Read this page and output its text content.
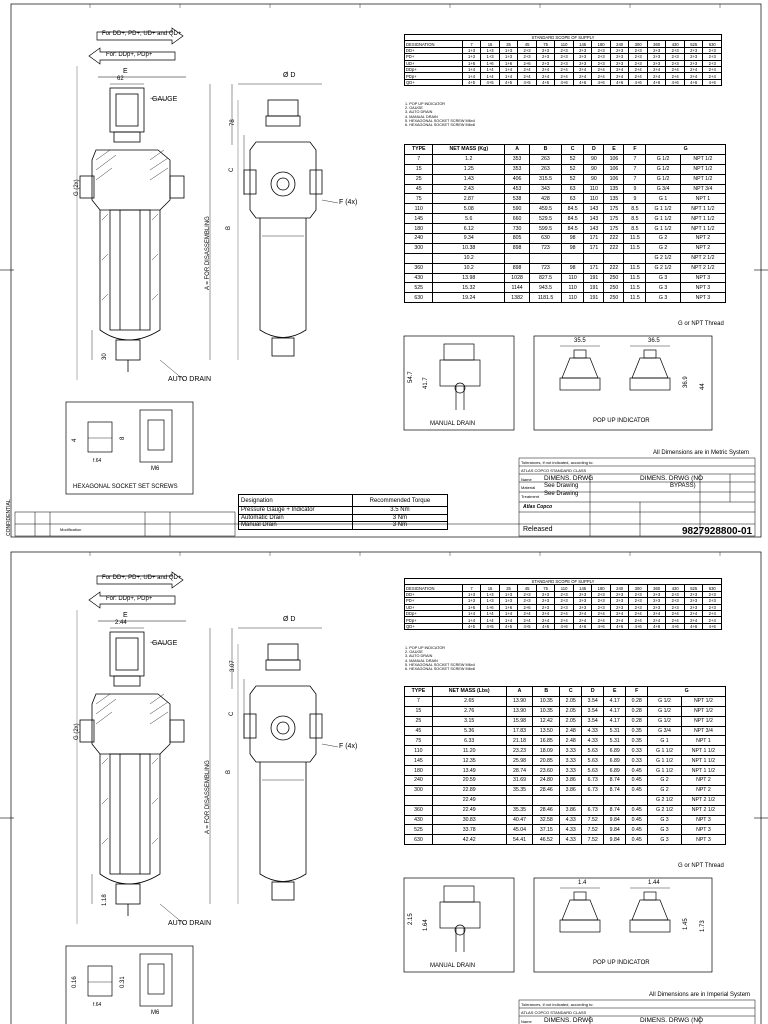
For DD+, PD+, UD+ and QD+
For: DDp+, PDp+
E
62
GAUGE
AUTO DRAIN
Ø D
F (4x)
G (2x)
A = FOR DISASSEMBLING	B
C
78
30
4
8
f.64
M6
HEXAGONAL SOCKET SET SCREWS
STANDARD SCOPE OF SUPPLY														
DESIGNATION	7	15	25	45	75	110	145	180	240	300	360	430	525	630
DD+	1+3	1+3	1+3	2+3	2+3	2+3	2+3	2+3	2+3	2+3	2+3	2+3	2+3	2+3
PD+	1+3	1+3	1+3	2+3	2+3	2+3	2+3	2+3	2+3	2+3	2+3	2+3	2+3	2+3
UD+	1+6	1+6	1+6	2+6	2+3	2+3	2+3	2+3	2+3	2+3	2+3	2+3	2+3	2+3
DDp+	1+4	1+4	1+4	2+4	2+4	2+4	2+4	2+4	2+4	2+4	2+4	2+4	2+4	2+4
PDp+	1+4	1+4	1+4	2+4	2+4	2+4	2+4	2+4	2+4	2+4	2+4	2+4	2+4	2+4
QD+	4+5	4+5	4+5	4+5	4+5	4+6	4+6	4+6	4+6	4+6	4+6	4+6	4+6	4+6
1. POP UP INDICATOR
2. GAUGE
3. AUTO DRAIN
4. MANUAL DRAIN
5. HEXAGONAL SOCKET SCREW M6x4
6. HEXAGONAL SOCKET SCREW M6x8
TYPE	NET MASS (Kg)	A	B	C	D	E	F	G	
7	1.2	353	263	52	90	106	7	G 1/2	NPT 1/2
15	1.25	353	263	52	90	106	7	G 1/2	NPT 1/2
25	1.43	406	315.5	52	90	106	7	G 1/2	NPT 1/2
45	2.43	453	343	63	110	135	9	G 3/4	NPT 3/4
75	2.87	538	428	63	110	135	9	G 1	NPT 1
110	5.08	590	459.5	84.5	143	175	8.5	G 1 1/2	NPT 1 1/2
145	5.6	660	529.5	84.5	143	175	8.5	G 1 1/2	NPT 1 1/2
180	6.12	730	599.5	84.5	143	175	8.5	G 1 1/2	NPT 1 1/2
240	9.34	805	630	98	171	222	11.5	G 2	NPT 2
300	10.38	898	723	98	171	222	11.5	G 2	NPT 2
	10.2							G 2 1/2	NPT 2 1/2
360	10.2	898	723	98	171	222	11.5	G 2 1/2	NPT 2 1/2
430	13.98	1028	827.5	110	191	250	11.5	G 3	NPT 3
525	15.32	1144	943.5	110	191	250	11.5	G 3	NPT 3
630	19.24	1382	1181.5	110	191	250	11.5	G 3	NPT 3
G or NPT Thread
54.7
41.7
MANUAL DRAIN
35.5	36.5
36.9 44
POP UP INDICATOR
All Dimensions are in Metric System
Designation	Recommended Torque
Pressure Gauge + Indicator	3.5 Nm
Automatic Drain	3 Nm
Manual Drain	3 Nm
Tolerances, if not indicated, according to:
ATLAS COPCO STANDARD CLASS
Name DIMENS. DRWG	DIMENS. DRWG (NO
BYPASS)
Material See Drawing
Treatment See Drawing
Atlas Copco
Released	9827928800-01
Modification
CONFIDENTIAL
For DD+, PD+, UD+ and QD+
For: DDp+, PDp+
E
2.44
GAUGE
AUTO DRAIN
Ø D
F (4x)
G (2x)
A = FOR DISASSEMBLING	B
C
3.07
1.18
0.16	0.31
f.64
M6
STANDARD SCOPE OF SUPPLY														
DESIGNATION	7	15	25	45	75	110	145	180	240	300	360	430	525	630
DD+	1+3	1+3	1+3	2+3	2+3	2+3	2+3	2+3	2+3	2+3	2+3	2+3	2+3	2+3
PD+	1+3	1+3	1+3	2+3	2+3	2+3	2+3	2+3	2+3	2+3	2+3	2+3	2+3	2+3
UD+	1+6	1+6	1+6	2+6	2+3	2+3	2+3	2+3	2+3	2+3	2+3	2+3	2+3	2+3
DDp+	1+4	1+4	1+4	2+4	2+4	2+4	2+4	2+4	2+4	2+4	2+4	2+4	2+4	2+4
PDp+	1+4	1+4	1+4	2+4	2+4	2+4	2+4	2+4	2+4	2+4	2+4	2+4	2+4	2+4
QD+	4+5	4+5	4+5	4+5	4+5	4+6	4+6	4+6	4+6	4+6	4+6	4+6	4+6	4+6
1. POP UP INDICATOR
2. GAUGE
3. AUTO DRAIN
4. MANUAL DRAIN
5. HEXAGONAL SOCKET SCREW M6x4
6. HEXAGONAL SOCKET SCREW M6x8
TYPE	NET MASS (Lbs)	A	B	C	D	E	F	G	
7	2.65	13.90	10.35	2.05	3.54	4.17	0.28	G 1/2	NPT 1/2
15	2.76	13.90	10.35	2.05	3.54	4.17	0.28	G 1/2	NPT 1/2
25	3.15	15.98	12.42	2.05	3.54	4.17	0.28	G 1/2	NPT 1/2
45	5.36	17.83	13.50	2.48	4.33	5.31	0.35	G 3/4	NPT 3/4
75	6.33	21.18	16.85	2.48	4.33	5.31	0.35	G 1	NPT 1
110	11.20	23.23	18.09	3.33	5.63	6.89	0.33	G 1 1/2	NPT 1 1/2
145	12.35	25.98	20.85	3.33	5.63	6.89	0.33	G 1 1/2	NPT 1 1/2
180	13.49	28.74	23.60	3.33	5.63	6.89	0.45	G 1 1/2	NPT 1 1/2
240	20.59	31.69	24.80	3.86	6.73	8.74	0.45	G 2	NPT 2
300	22.89	35.35	28.46	3.86	6.73	8.74	0.45	G 2	NPT 2
	22.49							G 2 1/2	NPT 2 1/2
360	22.49	35.35	28.46	3.86	6.73	8.74	0.45	G 2 1/2	NPT 2 1/2
430	30.83	40.47	32.58	4.33	7.52	9.84	0.45	G 3	NPT 3
525	33.78	45.04	37.15	4.33	7.52	9.84	0.45	G 3	NPT 3
630	42.42	54.41	46.52	4.33	7.52	9.84	0.45	G 3	NPT 3
G or NPT Thread
2.15
1.64
MANUAL DRAIN
1.4	1.44
1.45 1.73
POP UP INDICATOR
All Dimensions are in Imperial System
Tolerances, if not indicated, according to:
ATLAS COPCO STANDARD CLASS
Name DIMENS. DRWG	DIMENS. DRWG (NO
